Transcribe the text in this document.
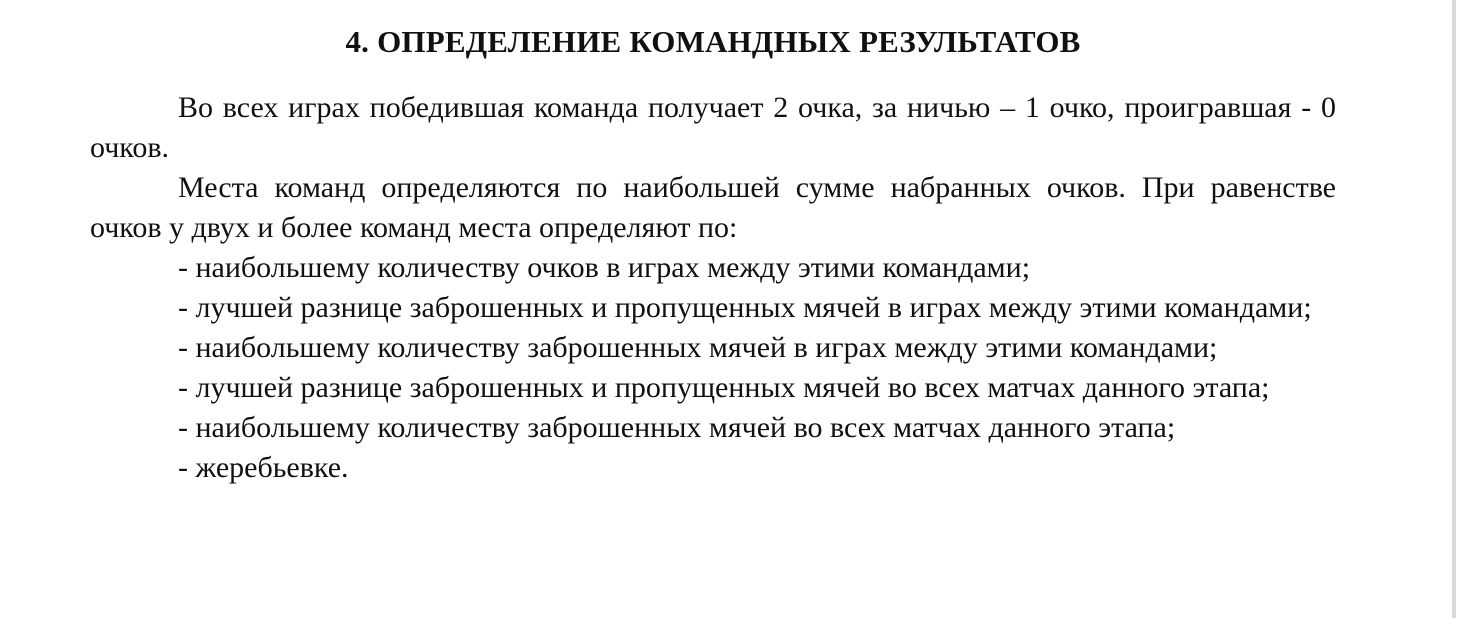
4. ОПРЕДЕЛЕНИЕ КОМАНДНЫХ РЕЗУЛЬТАТОВ

Во всех играх победившая команда получает 2 очка, за ничью – 1 очко, проигравшая - 0 очков.

Места команд определяются по наибольшей сумме набранных очков. При равенстве очков у двух и более команд места определяют по:

- наибольшему количеству очков в играх между этими командами;

- лучшей разнице заброшенных и пропущенных мячей в играх между этими командами;

- наибольшему количеству заброшенных мячей в играх между этими командами;

- лучшей разнице заброшенных и пропущенных мячей во всех матчах данного этапа;

- наибольшему количеству заброшенных мячей во всех матчах данного этапа;

- жеребьевке.
